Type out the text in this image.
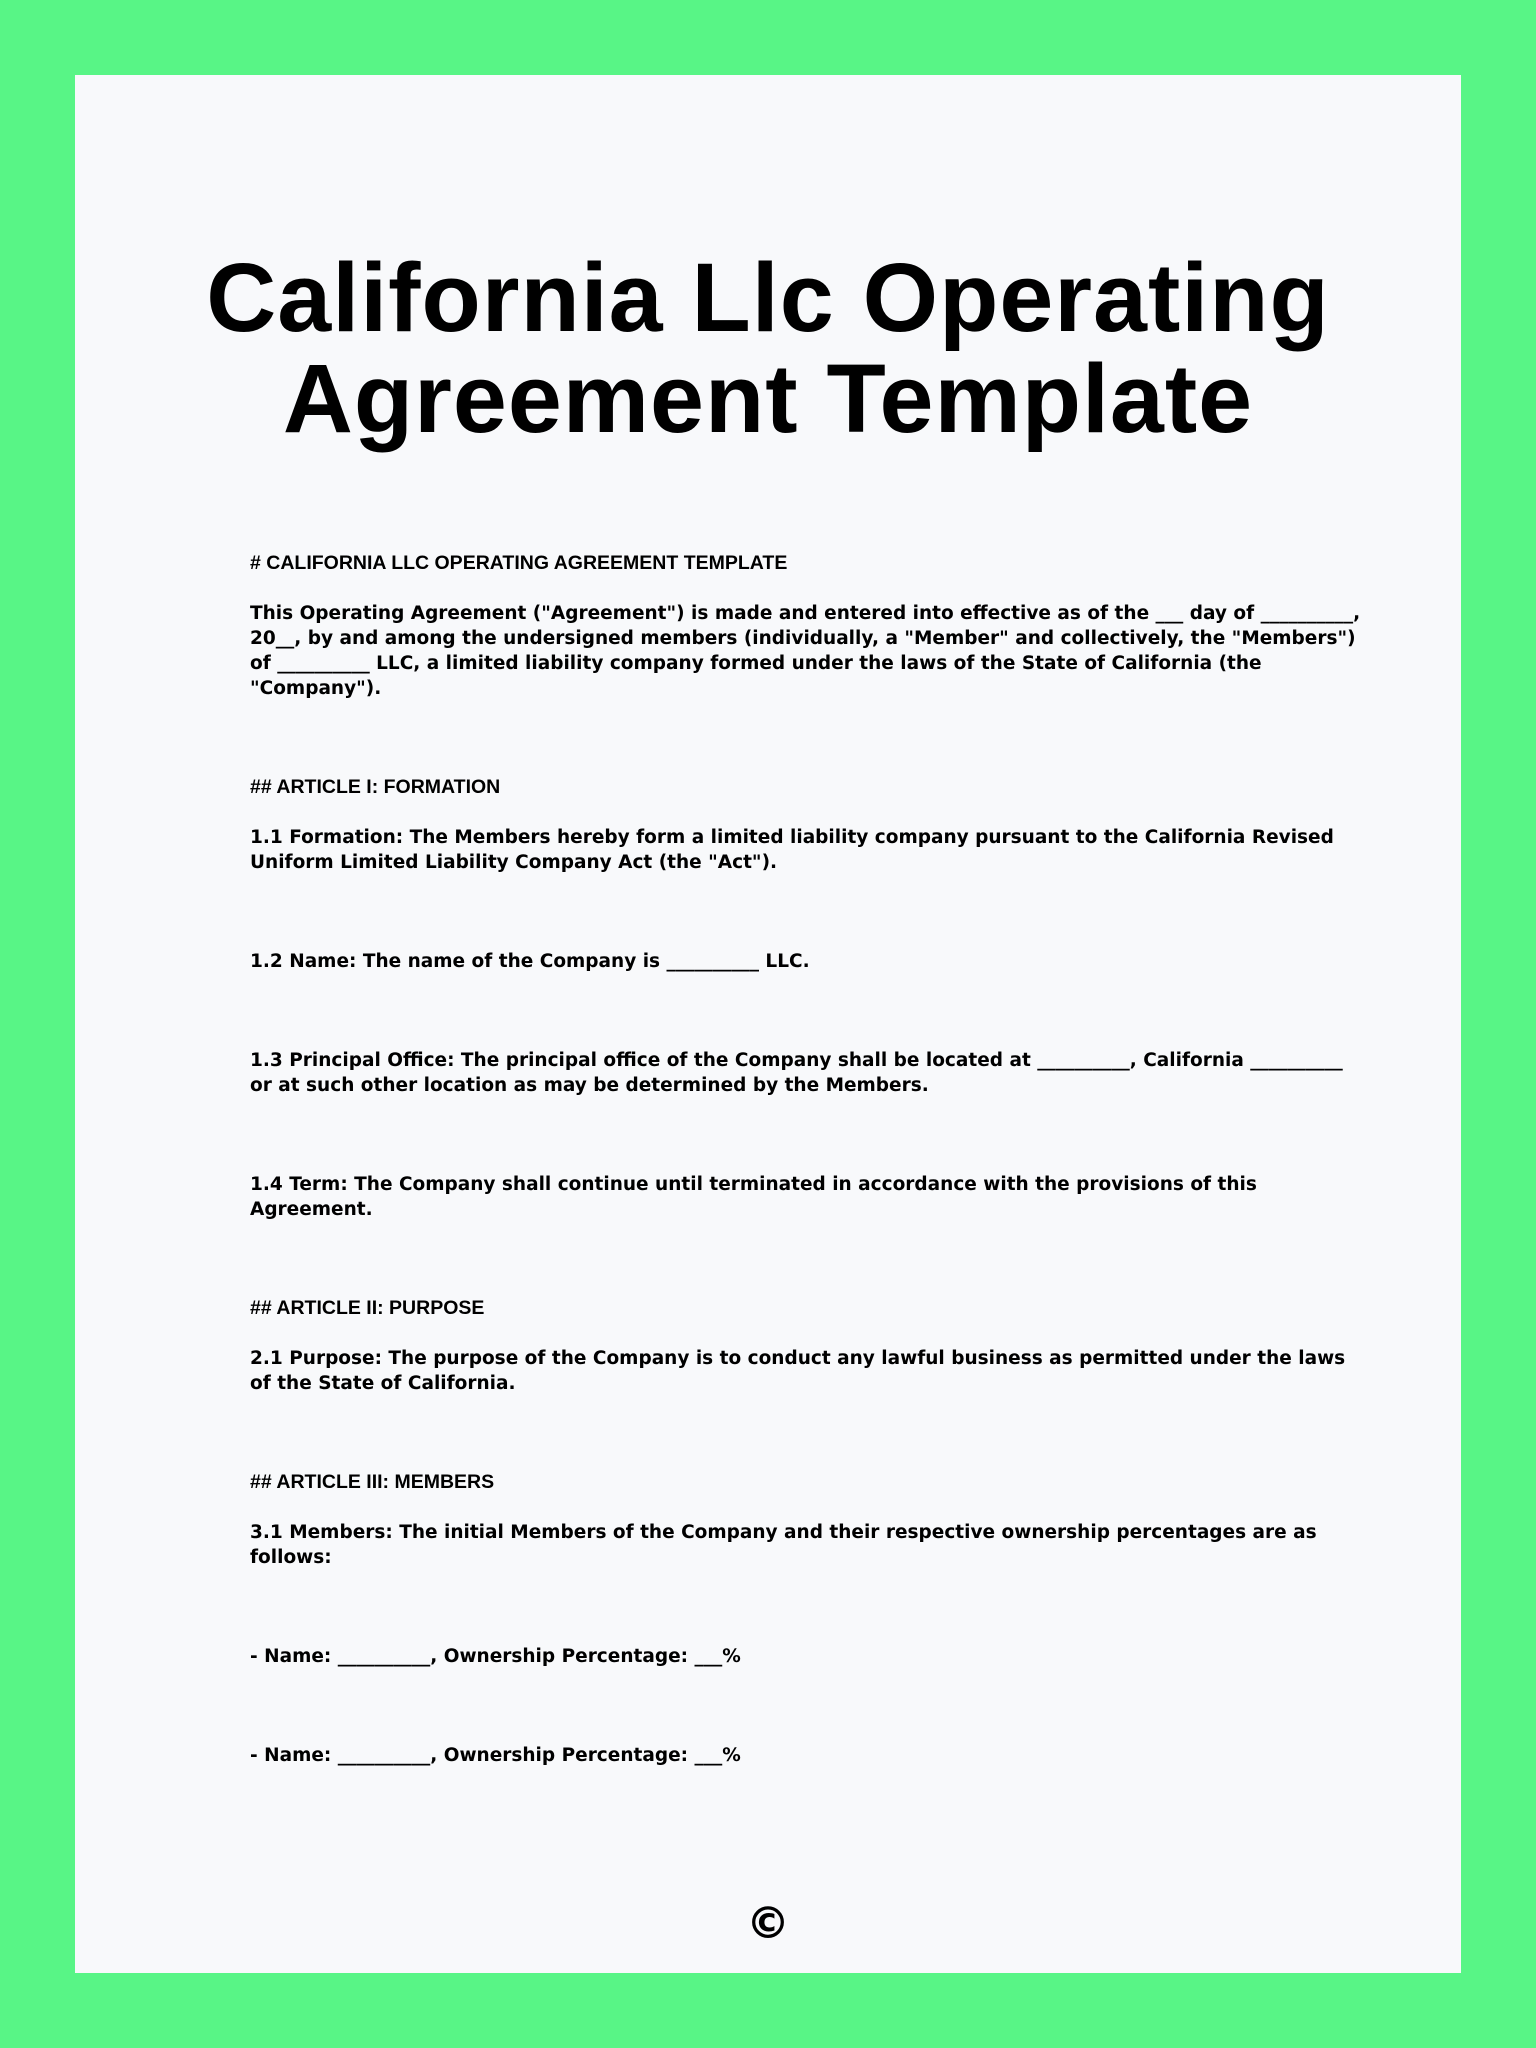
California Llc Operating
Agreement Template

# CALIFORNIA LLC OPERATING AGREEMENT TEMPLATE

This Operating Agreement ("Agreement") is made and entered into effective as of the ___ day of __________, 20__, by and among the undersigned members (individually, a "Member" and collectively, the "Members") of __________ LLC, a limited liability company formed under the laws of the State of California (the "Company").

## ARTICLE I: FORMATION

1.1 Formation: The Members hereby form a limited liability company pursuant to the California Revised Uniform Limited Liability Company Act (the "Act").

1.2 Name: The name of the Company is __________ LLC.

1.3 Principal Office: The principal office of the Company shall be located at __________, California __________ or at such other location as may be determined by the Members.

1.4 Term: The Company shall continue until terminated in accordance with the provisions of this Agreement.

## ARTICLE II: PURPOSE

2.1 Purpose: The purpose of the Company is to conduct any lawful business as permitted under the laws of the State of California.

## ARTICLE III: MEMBERS

3.1 Members: The initial Members of the Company and their respective ownership percentages are as follows:

- Name: __________, Ownership Percentage: ___%

- Name: __________, Ownership Percentage: ___%

©
